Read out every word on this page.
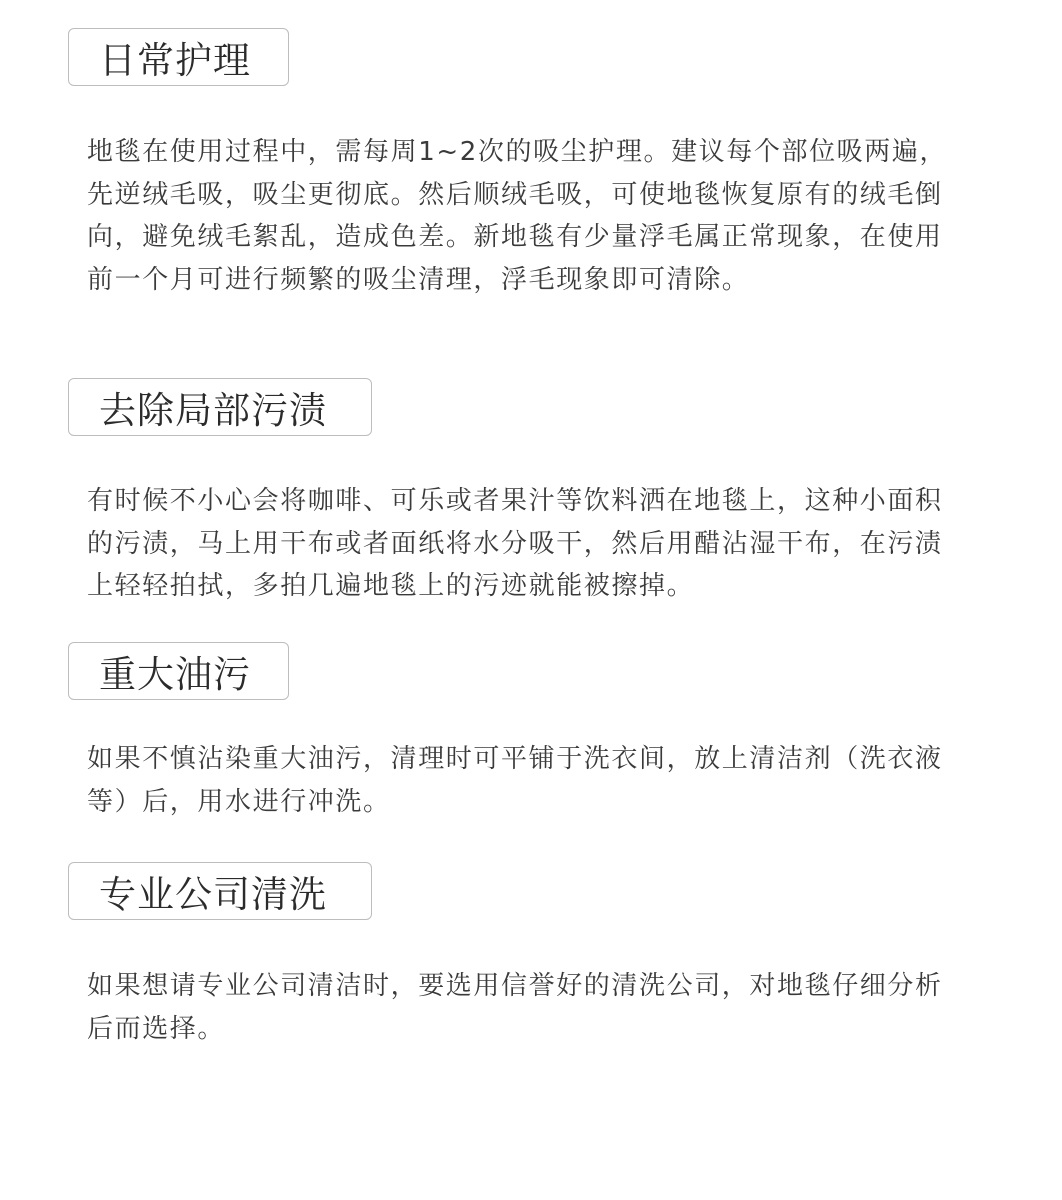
日常护理

地毯在使用过程中，需每周1~2次的吸尘护理。建议每个部位吸两遍，先逆绒毛吸，吸尘更彻底。然后顺绒毛吸，可使地毯恢复原有的绒毛倒向，避免绒毛絮乱，造成色差。新地毯有少量浮毛属正常现象，在使用前一个月可进行频繁的吸尘清理，浮毛现象即可清除。

去除局部污渍

有时候不小心会将咖啡、可乐或者果汁等饮料洒在地毯上，这种小面积的污渍，马上用干布或者面纸将水分吸干，然后用醋沾湿干布，在污渍上轻轻拍拭，多拍几遍地毯上的污迹就能被擦掉。

重大油污

如果不慎沾染重大油污，清理时可平铺于洗衣间，放上清洁剂（洗衣液等）后，用水进行冲洗。

专业公司清洗

如果想请专业公司清洁时，要选用信誉好的清洗公司，对地毯仔细分析后而选择。
